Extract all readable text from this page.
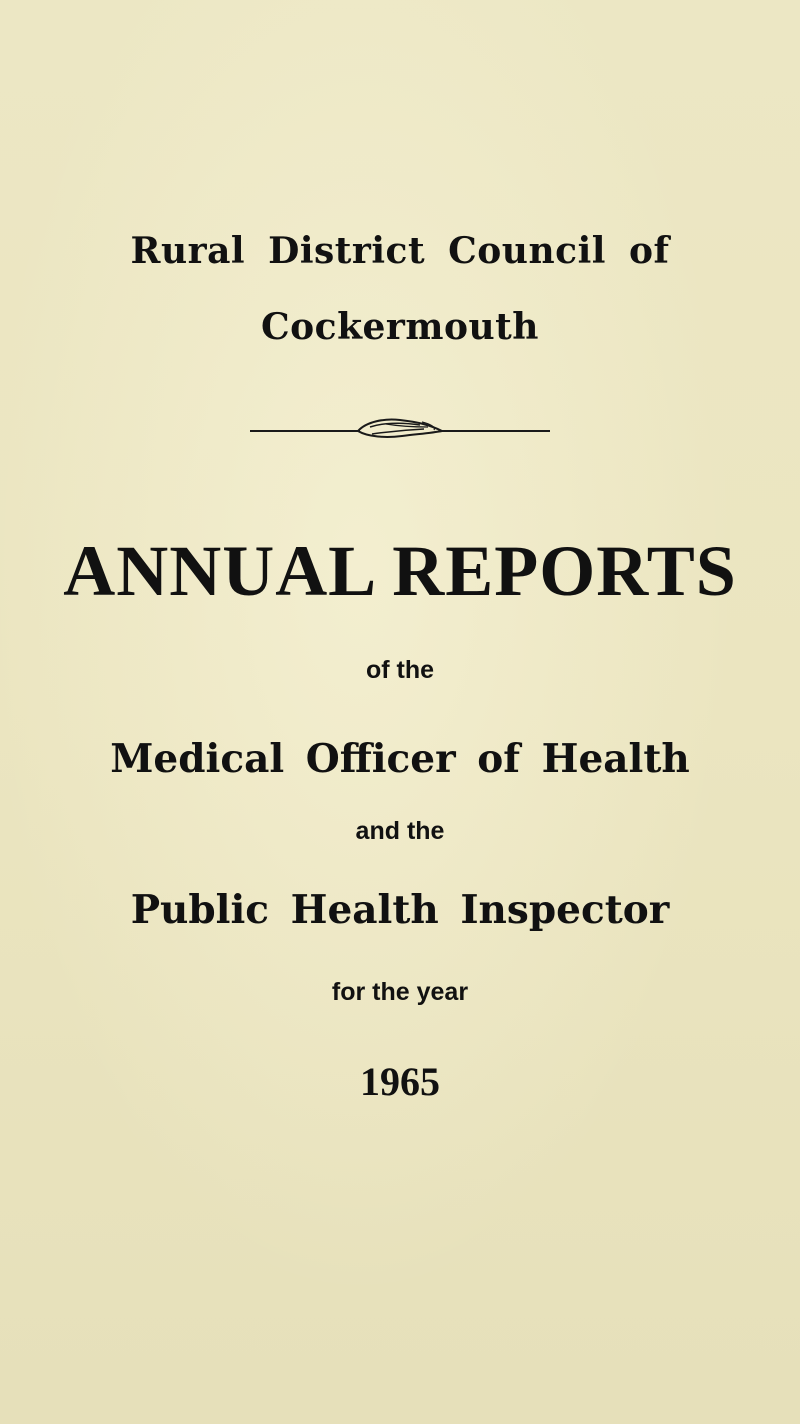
Rural District Council of
Cockermouth
ANNUAL REPORTS
of the
Medical Officer of Health
and the
Public Health Inspector
for the year
1965
